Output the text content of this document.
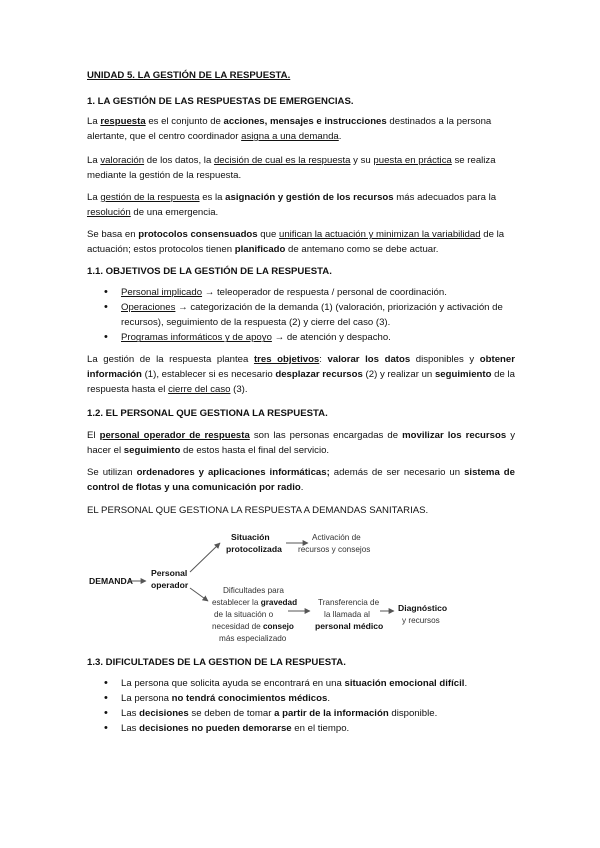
UNIDAD 5. LA GESTIÓN DE LA RESPUESTA.
1. LA GESTIÓN DE LAS RESPUESTAS DE EMERGENCIAS.

La respuesta es el conjunto de acciones, mensajes e instrucciones destinados a la persona alertante, que el centro coordinador asigna a una demanda.

La valoración de los datos, la decisión de cual es la respuesta y su puesta en práctica se realiza mediante la gestión de la respuesta.

La gestión de la respuesta es la asignación y gestión de los recursos más adecuados para la resolución de una emergencia.

Se basa en protocolos consensuados que unifican la actuación y minimizan la variabilidad de la actuación; estos protocolos tienen planificado de antemano como se debe actuar.

1.1. OBJETIVOS DE LA GESTIÓN DE LA RESPUESTA.
• Personal implicado → teleoperador de respuesta / personal de coordinación.
• Operaciones → categorización de la demanda (1) (valoración, priorización y activación de recursos), seguimiento de la respuesta (2) y cierre del caso (3).
• Programas informáticos y de apoyo → de atención y despacho.

La gestión de la respuesta plantea tres objetivos: valorar los datos disponibles y obtener información (1), establecer si es necesario desplazar recursos (2) y realizar un seguimiento de la respuesta hasta el cierre del caso (3).

1.2. EL PERSONAL QUE GESTIONA LA RESPUESTA.

El personal operador de respuesta son las personas encargadas de movilizar los recursos y hacer el seguimiento de estos hasta el final del servicio.

Se utilizan ordenadores y aplicaciones informáticas; además de ser necesario un sistema de control de flotas y una comunicación por radio.

EL PERSONAL QUE GESTIONA LA RESPUESTA A DEMANDAS SANITARIAS.

DEMANDA
Personal
operador
Situación
protocolizada
Activación de
recursos y consejos
Dificultades para
establecer la gravedad
de la situación o
necesidad de consejo
más especializado
Transferencia de
la llamada al
personal médico
Diagnóstico
y recursos
1.3. DIFICULTADES DE LA GESTION DE LA RESPUESTA.
• La persona que solicita ayuda se encontrará en una situación emocional difícil.
• La persona no tendrá conocimientos médicos.
• Las decisiones se deben de tomar a partir de la información disponible.
• Las decisiones no pueden demorarse en el tiempo.
